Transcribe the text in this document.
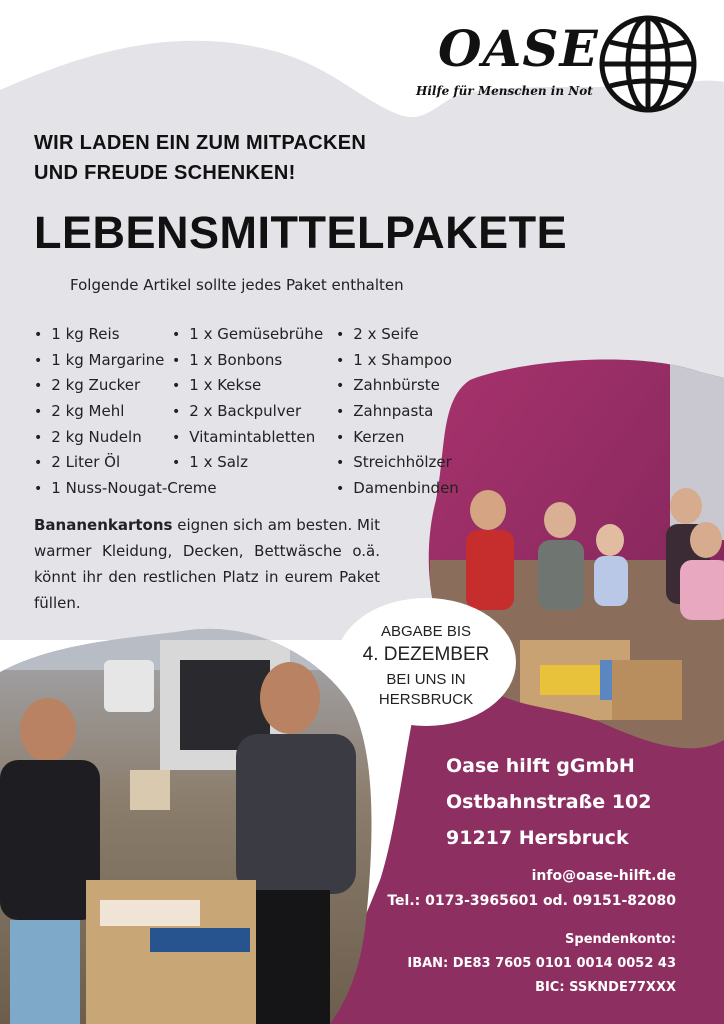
OASE
Hilfe für Menschen in Not
WIR LADEN EIN ZUM MITPACKEN
UND FREUDE SCHENKEN!
LEBENSMITTELPAKETE
Folgende Artikel sollte jedes Paket enthalten
• 1 kg Reis
• 1 kg Margarine
• 2 kg Zucker
• 2 kg Mehl
• 2 kg Nudeln
• 2 Liter Öl
• 1 Nuss-Nougat-Creme
• 1 x Gemüsebrühe
• 1 x Bonbons
• 1 x Kekse
• 2 x Backpulver
• Vitamintabletten
• 1 x Salz
• 2 x Seife
• 1 x Shampoo
• Zahnbürste
• Zahnpasta
• Kerzen
• Streichhölzer
• Damenbinden
Bananenkartons eignen sich am besten. Mit warmer Kleidung, Decken, Bettwäsche o.ä. könnt ihr den restlichen Platz in eurem Paket füllen.
ABGABE BIS
4. DEZEMBER
BEI UNS IN
HERSBRUCK
Oase hilft gGmbH
Ostbahnstraße 102
91217 Hersbruck
info@oase-hilft.de
Tel.: 0173-3965601 od. 09151-82080
Spendenkonto:
IBAN: DE83 7605 0101 0014 0052 43
BIC: SSKNDE77XXX
